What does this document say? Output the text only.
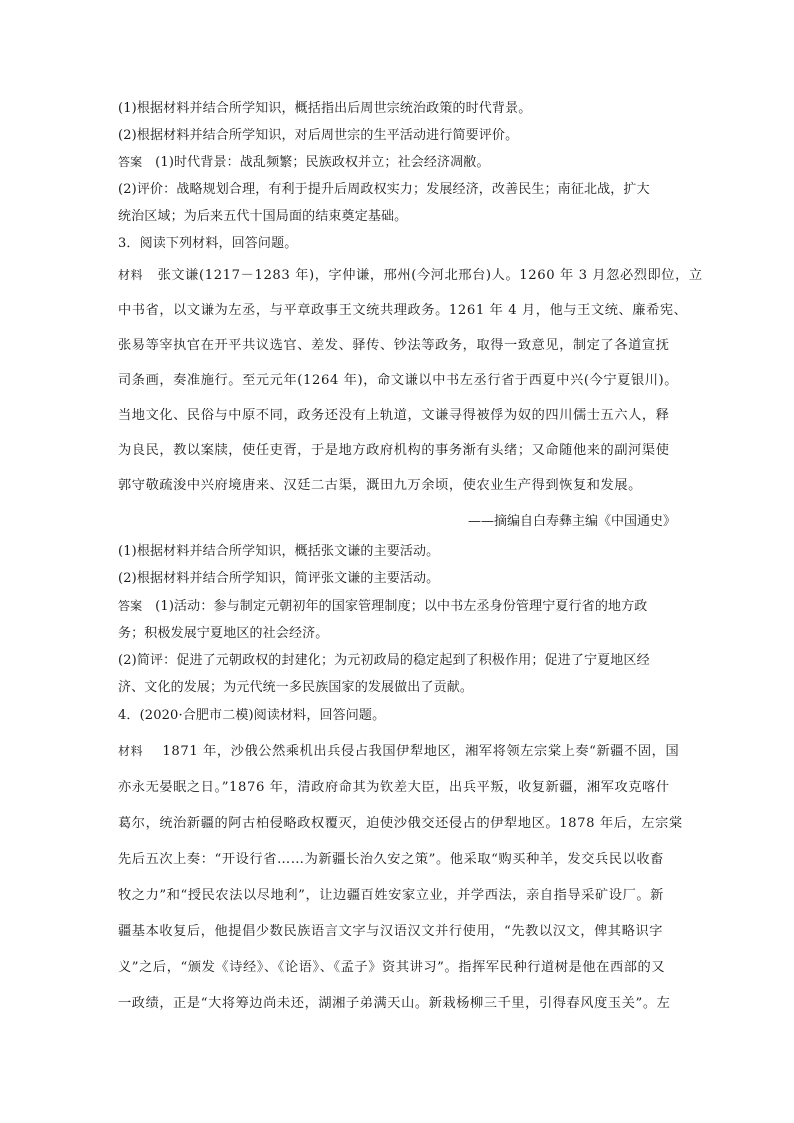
(1)根据材料并结合所学知识，概括指出后周世宗统治政策的时代背景。
(2)根据材料并结合所学知识，对后周世宗的生平活动进行简要评价。
答案 (1)时代背景：战乱频繁；民族政权并立；社会经济凋敝。
(2)评价：战略规划合理，有利于提升后周政权实力；发展经济，改善民生；南征北战，扩大
统治区域；为后来五代十国局面的结束奠定基础。
3．阅读下列材料，回答问题。
材料 张文谦(1217－1283 年)，字仲谦，邢州(今河北邢台)人。1260 年 3 月忽必烈即位，立
中书省，以文谦为左丞，与平章政事王文统共理政务。1261 年 4 月，他与王文统、廉希宪、
张易等宰执官在开平共议选官、差发、驿传、钞法等政务，取得一致意见，制定了各道宣抚
司条画，奏准施行。至元元年(1264 年)，命文谦以中书左丞行省于西夏中兴(今宁夏银川)。
当地文化、民俗与中原不同，政务还没有上轨道，文谦寻得被俘为奴的四川儒士五六人，释
为良民，教以案牍，使任吏胥，于是地方政府机构的事务渐有头绪；又命随他来的副河渠使
郭守敬疏浚中兴府境唐来、汉廷二古渠，溉田九万余顷，使农业生产得到恢复和发展。
——摘编自白寿彝主编《中国通史》
(1)根据材料并结合所学知识，概括张文谦的主要活动。
(2)根据材料并结合所学知识，简评张文谦的主要活动。
答案 (1)活动：参与制定元朝初年的国家管理制度；以中书左丞身份管理宁夏行省的地方政
务；积极发展宁夏地区的社会经济。
(2)简评：促进了元朝政权的封建化；为元初政局的稳定起到了积极作用；促进了宁夏地区经
济、文化的发展；为元代统一多民族国家的发展做出了贡献。
4．(2020·合肥市二模)阅读材料，回答问题。
材料 1871 年，沙俄公然乘机出兵侵占我国伊犁地区，湘军将领左宗棠上奏“新疆不固，国
亦永无晏眠之日。”1876 年，清政府命其为钦差大臣，出兵平叛，收复新疆，湘军攻克喀什
葛尔，统治新疆的阿古柏侵略政权覆灭，迫使沙俄交还侵占的伊犁地区。1878 年后，左宗棠
先后五次上奏：“开设行省……为新疆长治久安之策”。他采取“购买种羊，发交兵民以收畜
牧之力”和“授民农法以尽地利”，让边疆百姓安家立业，并学西法，亲自指导采矿设厂。新
疆基本收复后，他提倡少数民族语言文字与汉语汉文并行使用，“先教以汉文，俾其略识字
义”之后，“颁发《诗经》、《论语》、《孟子》资其讲习”。指挥军民种行道树是他在西部的又
一政绩，正是“大将筹边尚未还，湖湘子弟满天山。新栽杨柳三千里，引得春风度玉关”。左
